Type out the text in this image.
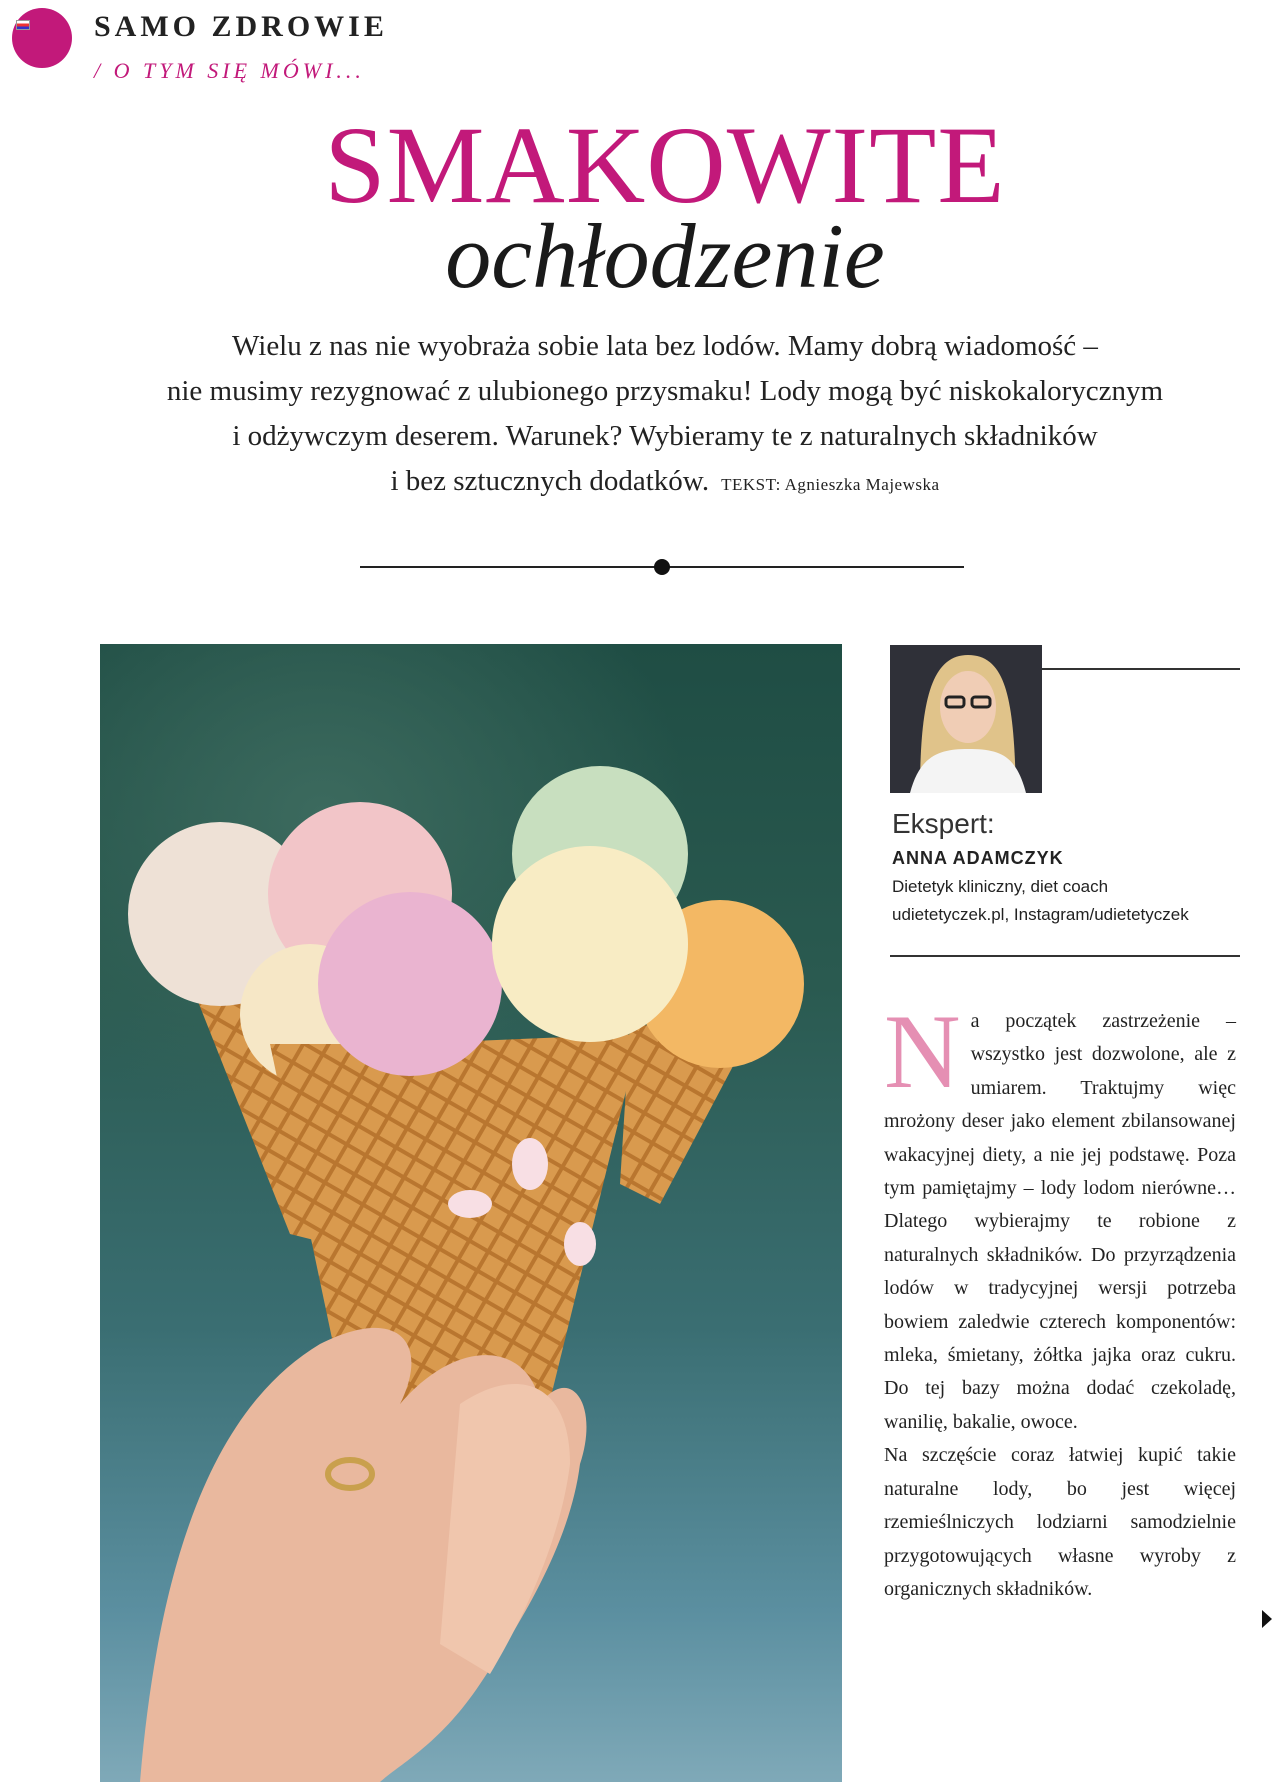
SAMO ZDROWIE
/ O TYM SIĘ MÓWI...
SMAKOWITE
ochłodzenie
Wielu z nas nie wyobraża sobie lata bez lodów. Mamy dobrą wiadomość –
nie musimy rezygnować z ulubionego przysmaku! Lody mogą być niskokalorycznym
i odżywczym deserem. Warunek? Wybieramy te z naturalnych składników
i bez sztucznych dodatków. TEKST: Agnieszka Majewska
Ekspert:
ANNA ADAMCZYK
Dietetyk kliniczny, diet coach
udietetyczek.pl, Instagram/udietetyczek
N a początek zastrzeżenie – wszystko jest dozwolone, ale z umiarem. Traktujmy więc mrożony deser jako element zbilansowanej wakacyjnej diety, a nie jej podstawę. Poza tym pamiętajmy – lody lodom nierówne… Dlatego wybierajmy te robione z naturalnych składników. Do przyrządzenia lodów w tradycyjnej wersji potrzeba bowiem zaledwie czterech komponentów: mleka, śmietany, żółtka jajka oraz cukru. Do tej bazy można dodać czekoladę, wanilię, bakalie, owoce.

Na szczęście coraz łatwiej kupić takie naturalne lody, bo jest więcej rzemieślniczych lodziarni samodzielnie przygotowujących własne wyroby z organicznych składników.
